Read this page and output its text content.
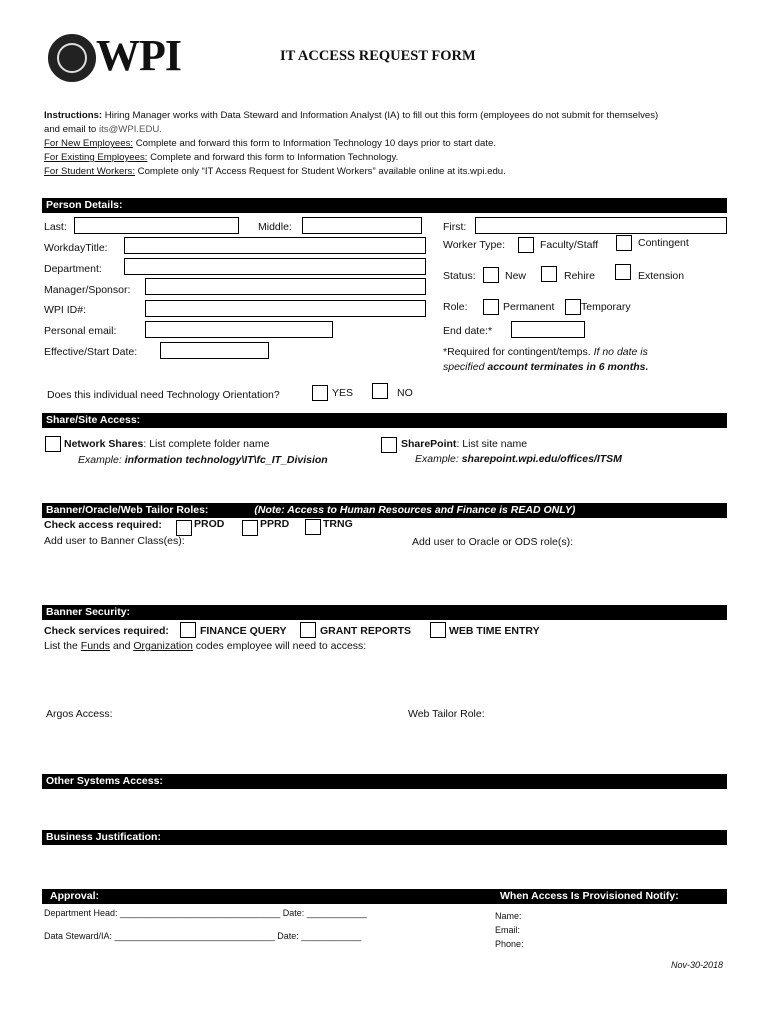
WPI	IT ACCESS REQUEST FORM
Instructions: Hiring Manager works with Data Steward and Information Analyst (IA) to fill out this form (employees do not submit for themselves)
and email to its@WPI.EDU.
For New Employees: Complete and forward this form to Information Technology 10 days prior to start date.
For Existing Employees: Complete and forward this form to Information Technology.
For Student Workers: Complete only “IT Access Request for Student Workers” available online at its.wpi.edu.
Person Details:
Last:	Middle:	First:
WorkdayTitle:	Worker Type:	Faculty/Staff	Contingent
Department:
Status:	New	Rehire	Extension
Manager/Sponsor:
WPI ID#:	Role:	Permanent	Temporary
Personal email:	End date:*
Effective/Start Date:	*Required for contingent/temps. If no date is
specified account terminates in 6 months.
Does this individual need Technology Orientation?	YES	NO
Share/Site Access:
Network Shares: List complete folder name
Example: information technology\IT\fc_IT_Division
SharePoint: List site name
Example: sharepoint.wpi.edu/offices/ITSM
Banner/Oracle/Web Tailor Roles:	(Note: Access to Human Resources and Finance is READ ONLY)
Check access required:	PROD	PPRD	TRNG
Add user to Banner Class(es):	Add user to Oracle or ODS role(s):
Banner Security:
Check services required:	FINANCE QUERY	GRANT REPORTS	WEB TIME ENTRY
List the Funds and Organization codes employee will need to access:
Argos Access:	Web Tailor Role:
Other Systems Access:
Business Justification:
Approval:	When Access Is Provisioned Notify:
Department Head: ________________________________ Date: ____________
Data Steward/IA: ________________________________ Date: ____________
Name:
Email:
Phone:
Nov-30-2018
